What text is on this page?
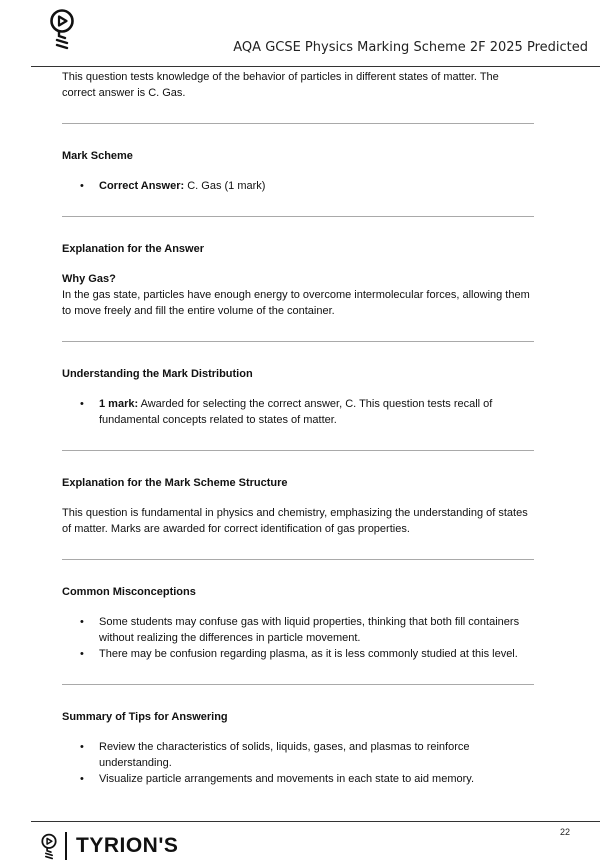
AQA GCSE Physics Marking Scheme 2F 2025 Predicted

This question tests knowledge of the behavior of particles in different states of matter. The correct answer is C. Gas.

Mark Scheme

• Correct Answer: C. Gas (1 mark)

Explanation for the Answer

Why Gas?

In the gas state, particles have enough energy to overcome intermolecular forces, allowing them to move freely and fill the entire volume of the container.

Understanding the Mark Distribution

• 1 mark: Awarded for selecting the correct answer, C. This question tests recall of fundamental concepts related to states of matter.

Explanation for the Mark Scheme Structure

This question is fundamental in physics and chemistry, emphasizing the understanding of states of matter. Marks are awarded for correct identification of gas properties.

Common Misconceptions

• Some students may confuse gas with liquid properties, thinking that both fill containers without realizing the differences in particle movement.
• There may be confusion regarding plasma, as it is less commonly studied at this level.

Summary of Tips for Answering

• Review the characteristics of solids, liquids, gases, and plasmas to reinforce understanding.
• Visualize particle arrangements and movements in each state to aid memory.
TYRION'S
22
